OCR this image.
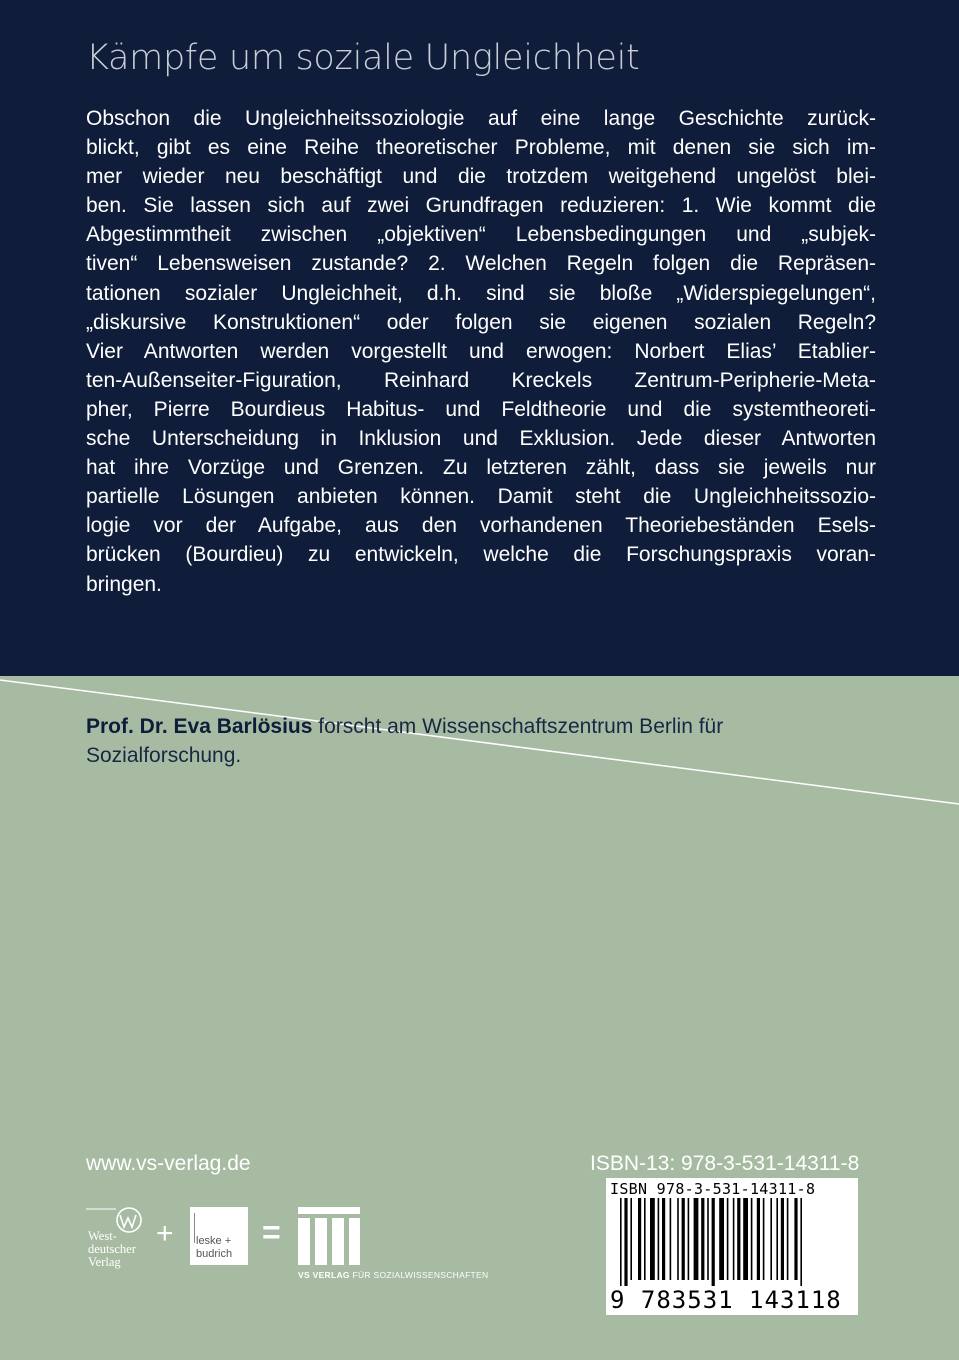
Kämpfe um soziale Ungleichheit
Obschon die Ungleichheitssoziologie auf eine lange Geschichte zurück-
blickt, gibt es eine Reihe theoretischer Probleme, mit denen sie sich im-
mer wieder neu beschäftigt und die trotzdem weitgehend ungelöst blei-
ben. Sie lassen sich auf zwei Grundfragen reduzieren: 1. Wie kommt die
Abgestimmtheit zwischen „objektiven“ Lebensbedingungen und „subjek-
tiven“ Lebensweisen zustande? 2. Welchen Regeln folgen die Repräsen-
tationen sozialer Ungleichheit, d.h. sind sie bloße „Widerspiegelungen“,
„diskursive Konstruktionen“ oder folgen sie eigenen sozialen Regeln?
Vier Antworten werden vorgestellt und erwogen: Norbert Elias’ Etablier-
ten-Außenseiter-Figuration, Reinhard Kreckels Zentrum-Peripherie-Meta-
pher, Pierre Bourdieus Habitus- und Feldtheorie und die systemtheoreti-
sche Unterscheidung in Inklusion und Exklusion. Jede dieser Antworten
hat ihre Vorzüge und Grenzen. Zu letzteren zählt, dass sie jeweils nur
partielle Lösungen anbieten können. Damit steht die Ungleichheitssozio-
logie vor der Aufgabe, aus den vorhandenen Theoriebeständen Esels-
brücken (Bourdieu) zu entwickeln, welche die Forschungspraxis voran-
bringen.
Prof. Dr. Eva Barlösius forscht am Wissenschaftszentrum Berlin für Sozialforschung.
www.vs-verlag.de	ISBN-13: 978-3-531-14311-8
ISBN 978-3-531-14311-8
9 783531 143118
West-
deutscher
Verlag
+ leske +
budrich
=
VS VERLAG FÜR SOZIALWISSENSCHAFTEN
